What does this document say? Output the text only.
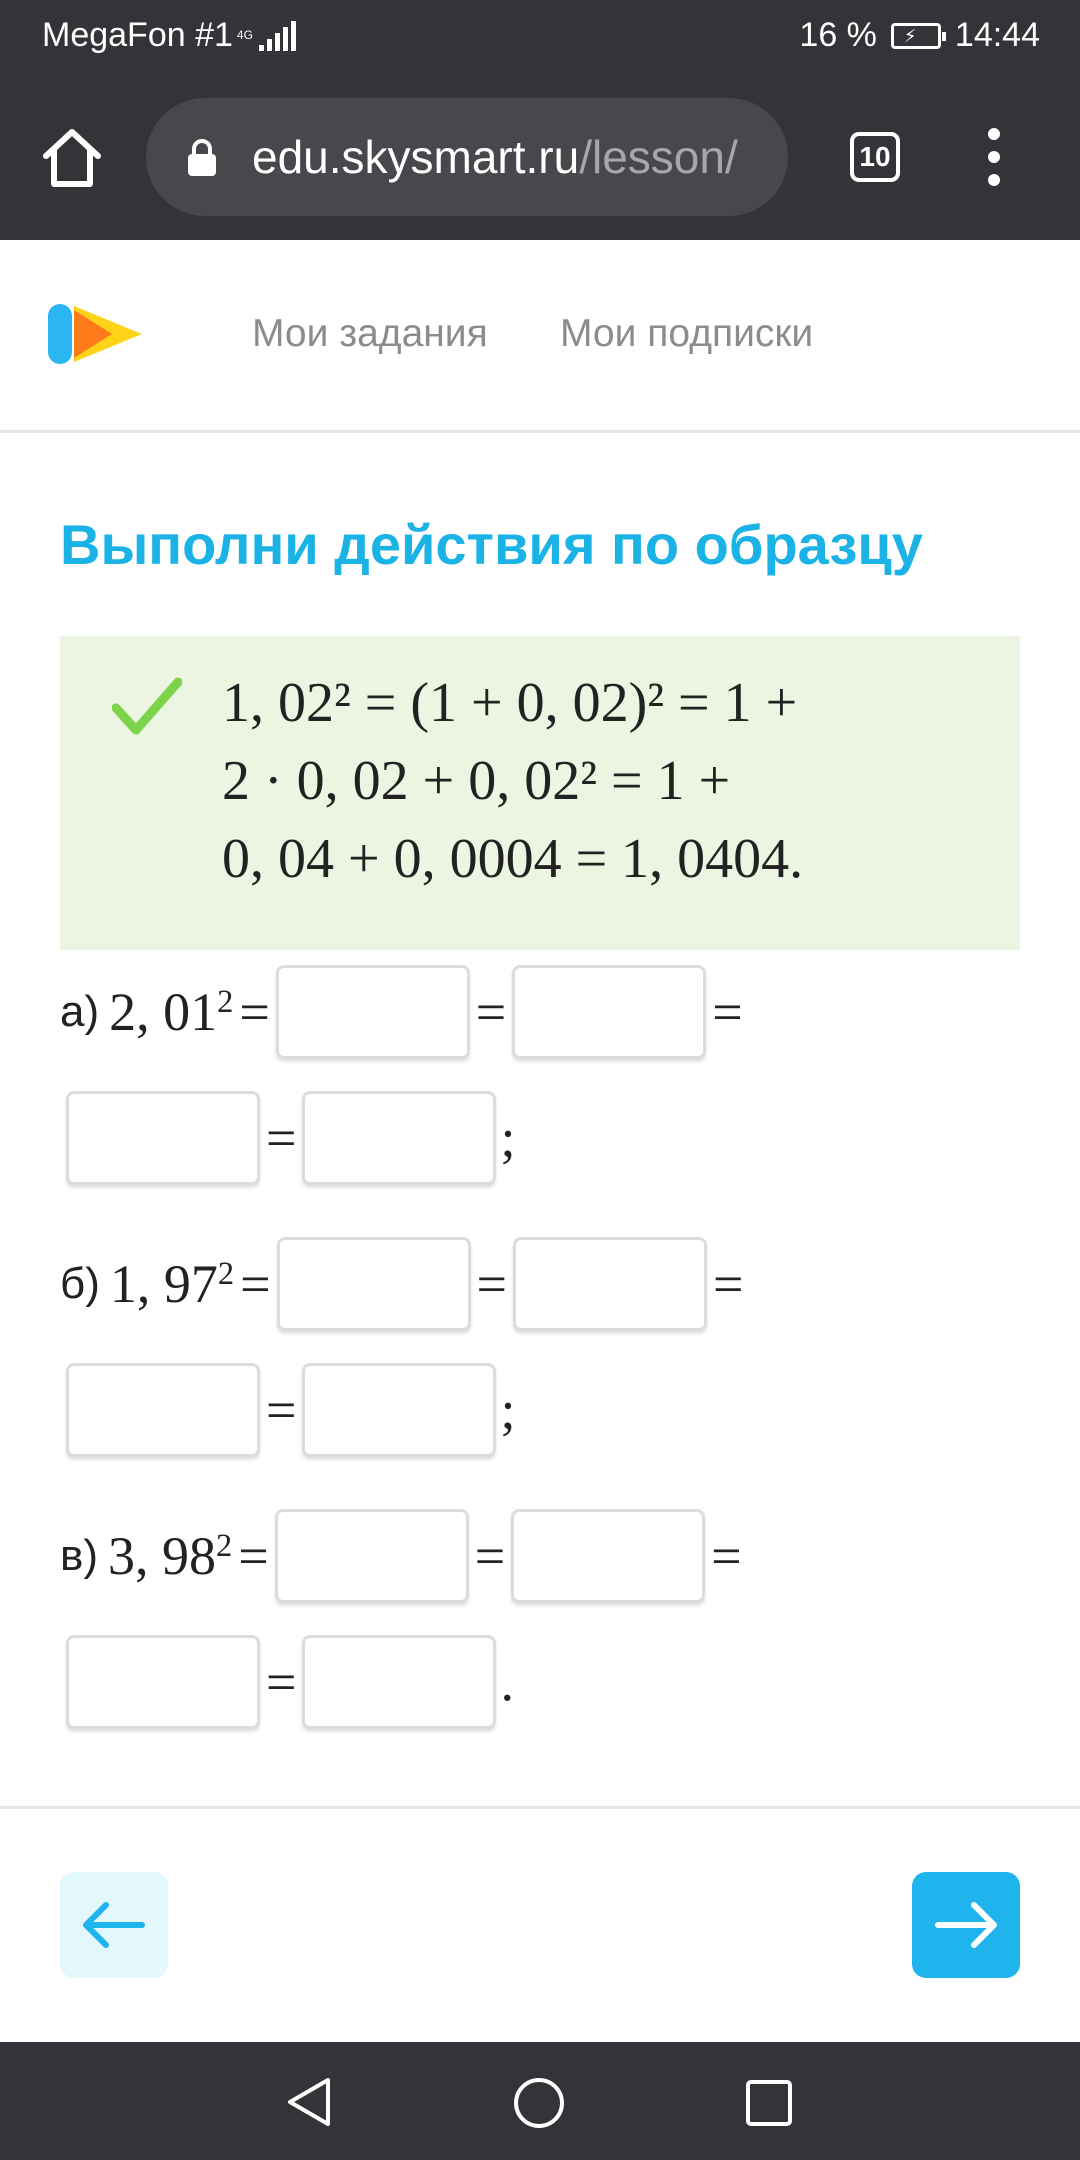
MegaFon #1 4G	16 % ⚡ 14:44
edu.skysmart.ru/lesson/	10
Мои задания Мои подписки
Выполни действия по образцу
1, 02² = (1 + 0, 02)² = 1 +
2 · 0, 02 + 0, 02² = 1 +
0, 04 + 0, 0004 = 1, 0404.
а) 2, $01^2$ =	=	=
=	;
б) 1, $97^2$ =	=	=
=	;
в) 3, $98^2$ =	=	=
=	.
